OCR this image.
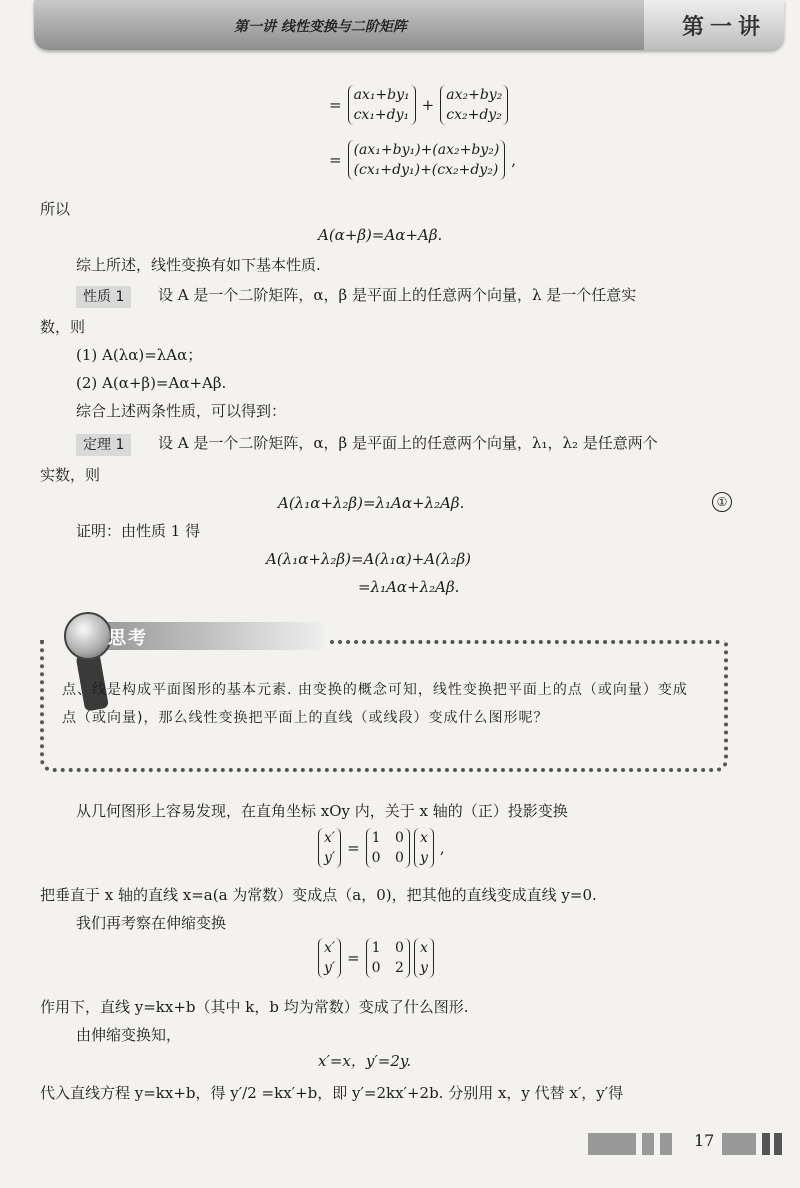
第一讲 线性变换与二阶矩阵	第一讲
=
ax₁+by₁
cx₁+dy₁
+
ax₂+by₂
cx₂+dy₂
=
(ax₁+by₁)+(ax₂+by₂)
(cx₁+dy₁)+(cx₂+dy₂)
,
所以
A(α+β)=Aα+Aβ.
综上所述，线性变换有如下基本性质.
性质 1	设 A 是一个二阶矩阵，α，β 是平面上的任意两个向量，λ 是一个任意实
数，则
(1) A(λα)=λAα；
(2) A(α+β)=Aα+Aβ.
综合上述两条性质，可以得到：
定理 1	设 A 是一个二阶矩阵，α，β 是平面上的任意两个向量，λ₁，λ₂ 是任意两个
实数，则
A(λ₁α+λ₂β)=λ₁Aα+λ₂Aβ.	①
证明：由性质 1 得
A(λ₁α+λ₂β)=A(λ₁α)+A(λ₂β)
=λ₁Aα+λ₂Aβ.
思考
点、线是构成平面图形的基本元素. 由变换的概念可知，线性变换把平面上的点（或向量）变成点（或向量)，那么线性变换把平面上的直线（或线段）变成什么图形呢？
从几何图形上容易发现，在直角坐标 xOy 内，关于 x 轴的（正）投影变换
x′
y′
=
1 0
0 0
x
y
,
把垂直于 x 轴的直线 x=a(a 为常数）变成点（a，0)，把其他的直线变成直线 y=0.
我们再考察在伸缩变换
x′
y′
=
1 0
0 2
x
y
作用下，直线 y=kx+b（其中 k，b 均为常数）变成了什么图形.
由伸缩变换知，
x′=x，y′=2y.
代入直线方程 y=kx+b，得 y′/2 =kx′+b，即 y′=2kx′+2b. 分别用 x，y 代替 x′，y′得
17
